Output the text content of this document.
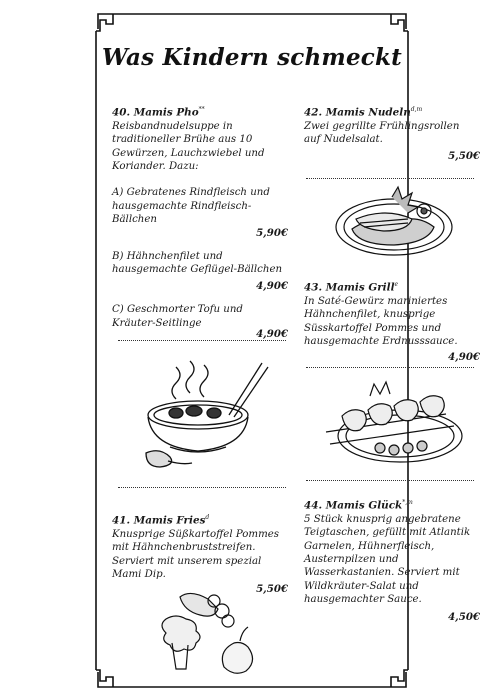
Was Kindern schmeckt
40. Mamis Pho**

Reisbandnudelsuppe in traditioneller Brühe aus 10 Gewürzen, Lauchzwiebel und Koriander. Dazu:

A) Gebratenes Rindfleisch und hausgemachte Rindfleisch-Bällchen

5,90€

B) Hähnchenfilet und hausgemachte Geflügel-Bällchen

4,90€

C) Geschmorter Tofu und Kräuter-Seitlinge

4,90€
41. Mamis Fries$^d$

Knusprige Süßkartoffel Pommes mit Hähnchenbruststreifen. Serviert mit unserem spezial Mami Dip.

5,50€
42. Mamis Nudeln$^{d,m}$

Zwei gegrillte Frühlingsrollen auf Nudelsalat.

5,50€
43. Mamis Grill$^e$

In Saté-Gewürz mariniertes Hähnchenfilet, knusprige Süsskartoffel Pommes und hausgemachte Erdnusssauce.

4,90€
44. Mamis Glück$^{*,m}$

5 Stück knusprig angebratene Teigtaschen, gefüllt mit Atlantik Garnelen, Hühnerfleisch, Austernpilzen und Wasserkastanien. Serviert mit Wildkräuter-Salat und hausgemachter Sauce.

4,50€
